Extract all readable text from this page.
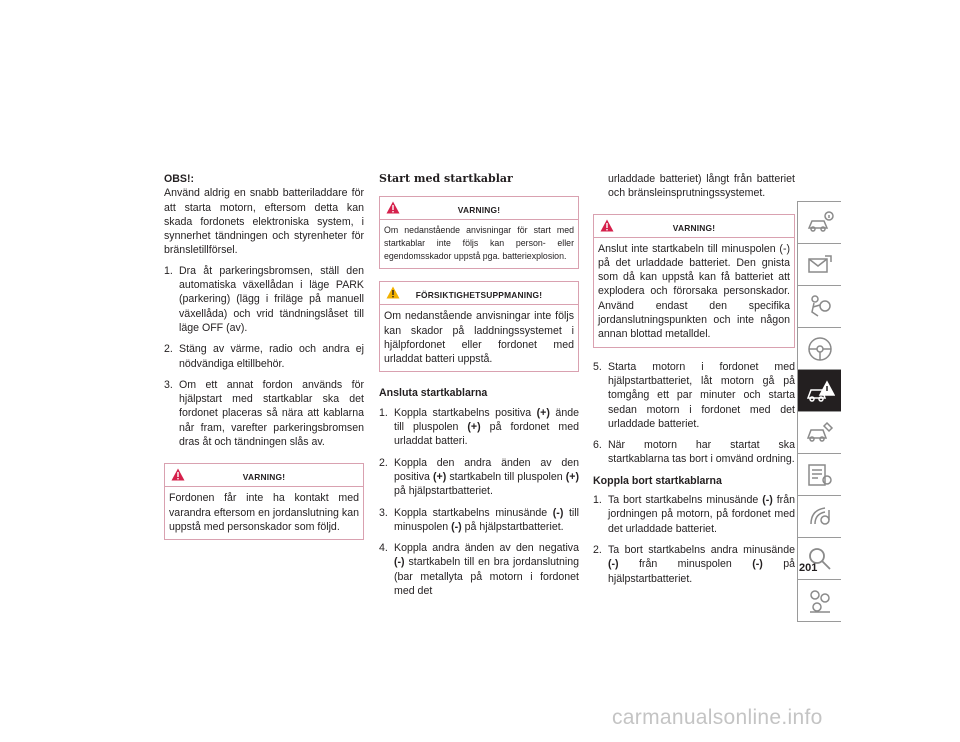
OBS!:

Använd aldrig en snabb batteriladdare för att starta motorn, eftersom detta kan skada fordonets elektroniska system, i synnerhet tändningen och styrenheter för bränsletillförsel.

1. Dra åt parkeringsbromsen, ställ den automatiska växellådan i läge PARK (parkering) (lägg i friläge på manuell växellåda) och vrid tändningslåset till läge OFF (av).
2. Stäng av värme, radio och andra ej nödvändiga eltillbehör.
3. Om ett annat fordon används för hjälpstart med startkablar ska det fordonet placeras så nära att kablarna når fram, varefter parkeringsbromsen dras åt och tändningen slås av.
VARNING!
Fordonen får inte ha kontakt med varandra eftersom en jordanslutning kan uppstå med personskador som följd.
Start med startkablar
VARNING!
Om nedanstående anvisningar för start med startkablar inte följs kan person- eller egendomsskador uppstå pga. batteriexplosion.
FÖRSIKTIGHETSUPPMANING!
Om nedanstående anvisningar inte följs kan skador på laddningssystemet i hjälpfordonet eller fordonet med urladdat batteri uppstå.
Ansluta startkablarna
1. Koppla startkabelns positiva (+) ände till pluspolen (+) på fordonet med urladdat batteri.
2. Koppla den andra änden av den positiva (+) startkabeln till pluspolen (+) på hjälpstartbatteriet.
3. Koppla startkabelns minusände (-) till minuspolen (-) på hjälpstartbatteriet.
4. Koppla andra änden av den negativa (-) startkabeln till en bra jordanslutning (bar metallyta på motorn i fordonet med det

urladdade batteriet) långt från batteriet och bränsleinsprutningssystemet.

VARNING!
Anslut inte startkabeln till minuspolen (-) på det urladdade batteriet. Den gnista som då kan uppstå kan få batteriet att explodera och förorsaka personskador. Använd endast den specifika jordanslutningspunkten och inte någon annan blottad metalldel.
5. Starta motorn i fordonet med hjälpstartbatteriet, låt motorn gå på tomgång ett par minuter och starta sedan motorn i fordonet med det urladdade batteriet.
6. När motorn har startat ska startkablarna tas bort i omvänd ordning.
Koppla bort startkablarna
1. Ta bort startkabelns minusände (-) från jordningen på motorn, på fordonet med det urladdade batteriet.
2. Ta bort startkabelns andra minusände (-) från minuspolen (-) på hjälpstartbatteriet.
201
carmanualsonline.info
